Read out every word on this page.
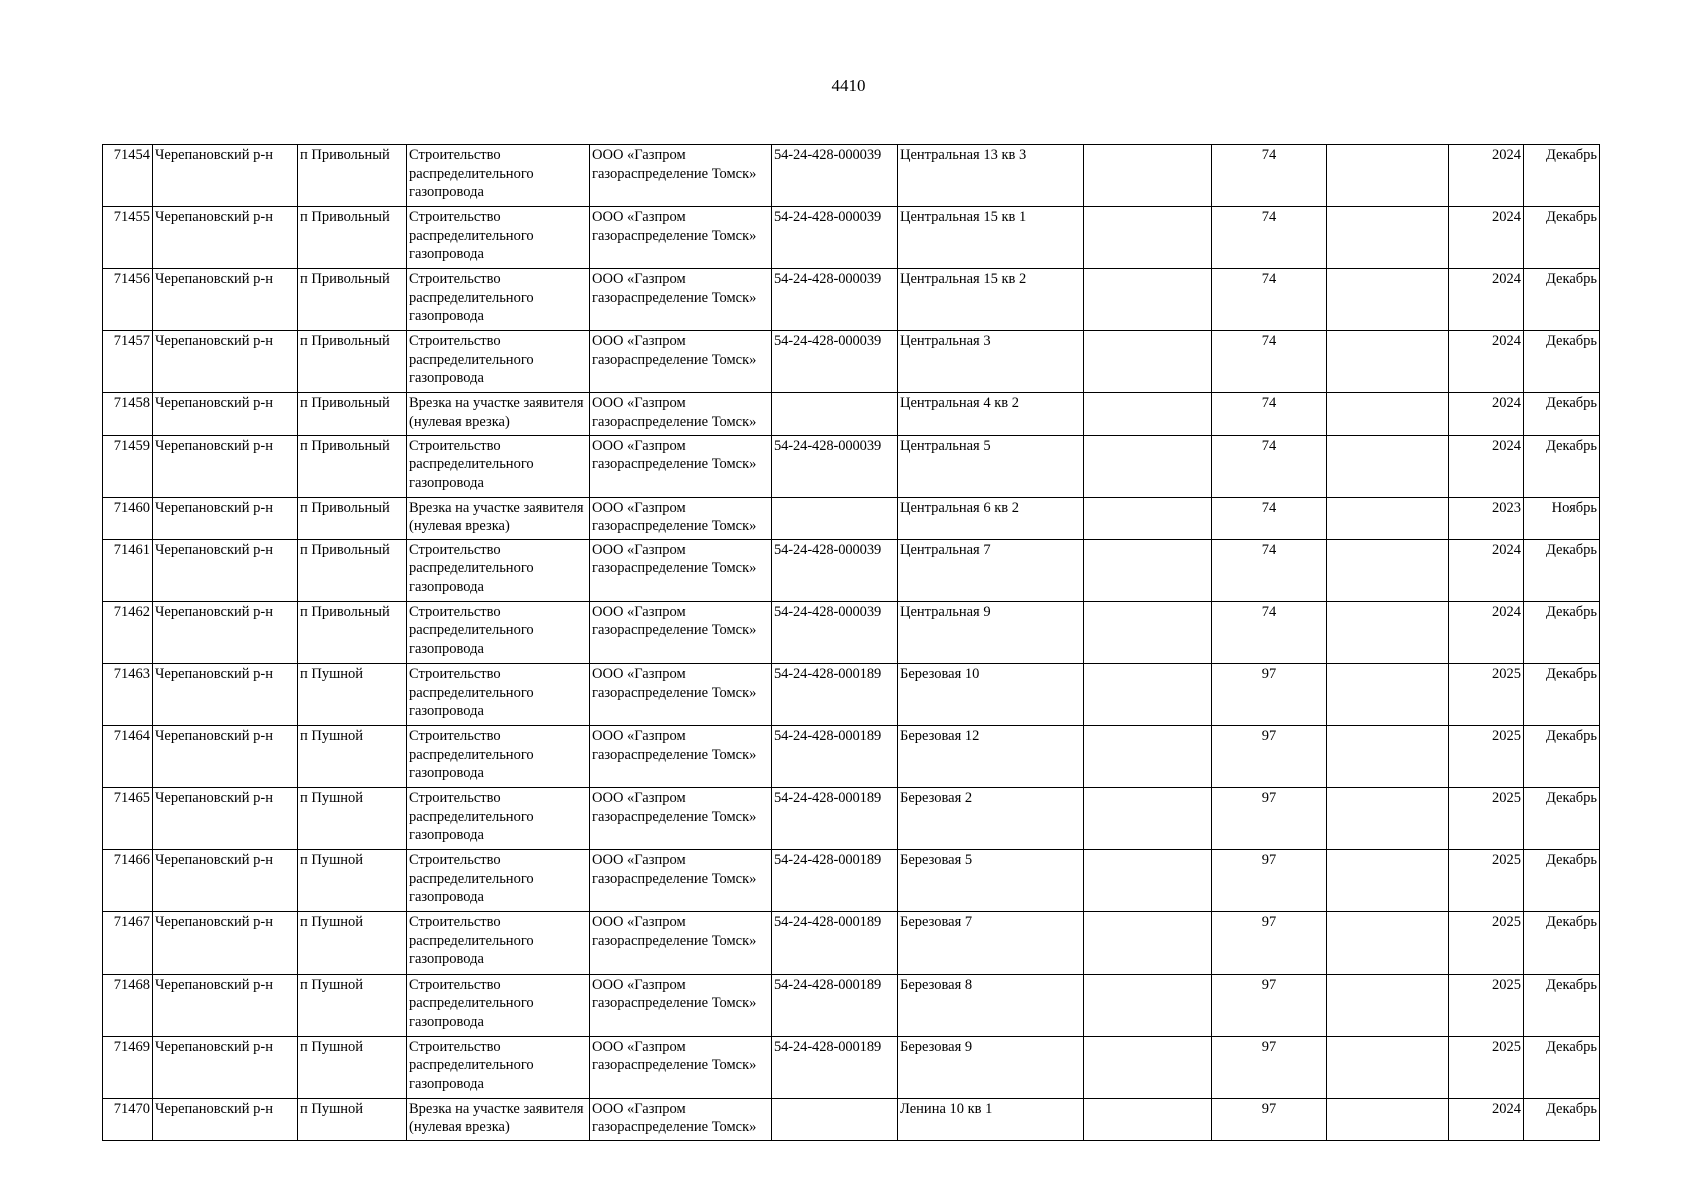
4410
71454	Черепановский р-н	п Привольный	Строительство распределительного газопровода	ООО «Газпром газораспределение Томск»	54-24-428-000039	Центральная 13 кв 3		74		2024	Декабрь
71455	Черепановский р-н	п Привольный	Строительство распределительного газопровода	ООО «Газпром газораспределение Томск»	54-24-428-000039	Центральная 15 кв 1		74		2024	Декабрь
71456	Черепановский р-н	п Привольный	Строительство распределительного газопровода	ООО «Газпром газораспределение Томск»	54-24-428-000039	Центральная 15 кв 2		74		2024	Декабрь
71457	Черепановский р-н	п Привольный	Строительство распределительного газопровода	ООО «Газпром газораспределение Томск»	54-24-428-000039	Центральная 3		74		2024	Декабрь
71458	Черепановский р-н	п Привольный	Врезка на участке заявителя (нулевая врезка)	ООО «Газпром газораспределение Томск»		Центральная 4 кв 2		74		2024	Декабрь
71459	Черепановский р-н	п Привольный	Строительство распределительного газопровода	ООО «Газпром газораспределение Томск»	54-24-428-000039	Центральная 5		74		2024	Декабрь
71460	Черепановский р-н	п Привольный	Врезка на участке заявителя (нулевая врезка)	ООО «Газпром газораспределение Томск»		Центральная 6 кв 2		74		2023	Ноябрь
71461	Черепановский р-н	п Привольный	Строительство распределительного газопровода	ООО «Газпром газораспределение Томск»	54-24-428-000039	Центральная 7		74		2024	Декабрь
71462	Черепановский р-н	п Привольный	Строительство распределительного газопровода	ООО «Газпром газораспределение Томск»	54-24-428-000039	Центральная 9		74		2024	Декабрь
71463	Черепановский р-н	п Пушной	Строительство распределительного газопровода	ООО «Газпром газораспределение Томск»	54-24-428-000189	Березовая 10		97		2025	Декабрь
71464	Черепановский р-н	п Пушной	Строительство распределительного газопровода	ООО «Газпром газораспределение Томск»	54-24-428-000189	Березовая 12		97		2025	Декабрь
71465	Черепановский р-н	п Пушной	Строительство распределительного газопровода	ООО «Газпром газораспределение Томск»	54-24-428-000189	Березовая 2		97		2025	Декабрь
71466	Черепановский р-н	п Пушной	Строительство распределительного газопровода	ООО «Газпром газораспределение Томск»	54-24-428-000189	Березовая 5		97		2025	Декабрь
71467	Черепановский р-н	п Пушной	Строительство распределительного газопровода	ООО «Газпром газораспределение Томск»	54-24-428-000189	Березовая 7		97		2025	Декабрь
71468	Черепановский р-н	п Пушной	Строительство распределительного газопровода	ООО «Газпром газораспределение Томск»	54-24-428-000189	Березовая 8		97		2025	Декабрь
71469	Черепановский р-н	п Пушной	Строительство распределительного газопровода	ООО «Газпром газораспределение Томск»	54-24-428-000189	Березовая 9		97		2025	Декабрь
71470	Черепановский р-н	п Пушной	Врезка на участке заявителя (нулевая врезка)	ООО «Газпром газораспределение Томск»		Ленина 10 кв 1		97		2024	Декабрь
